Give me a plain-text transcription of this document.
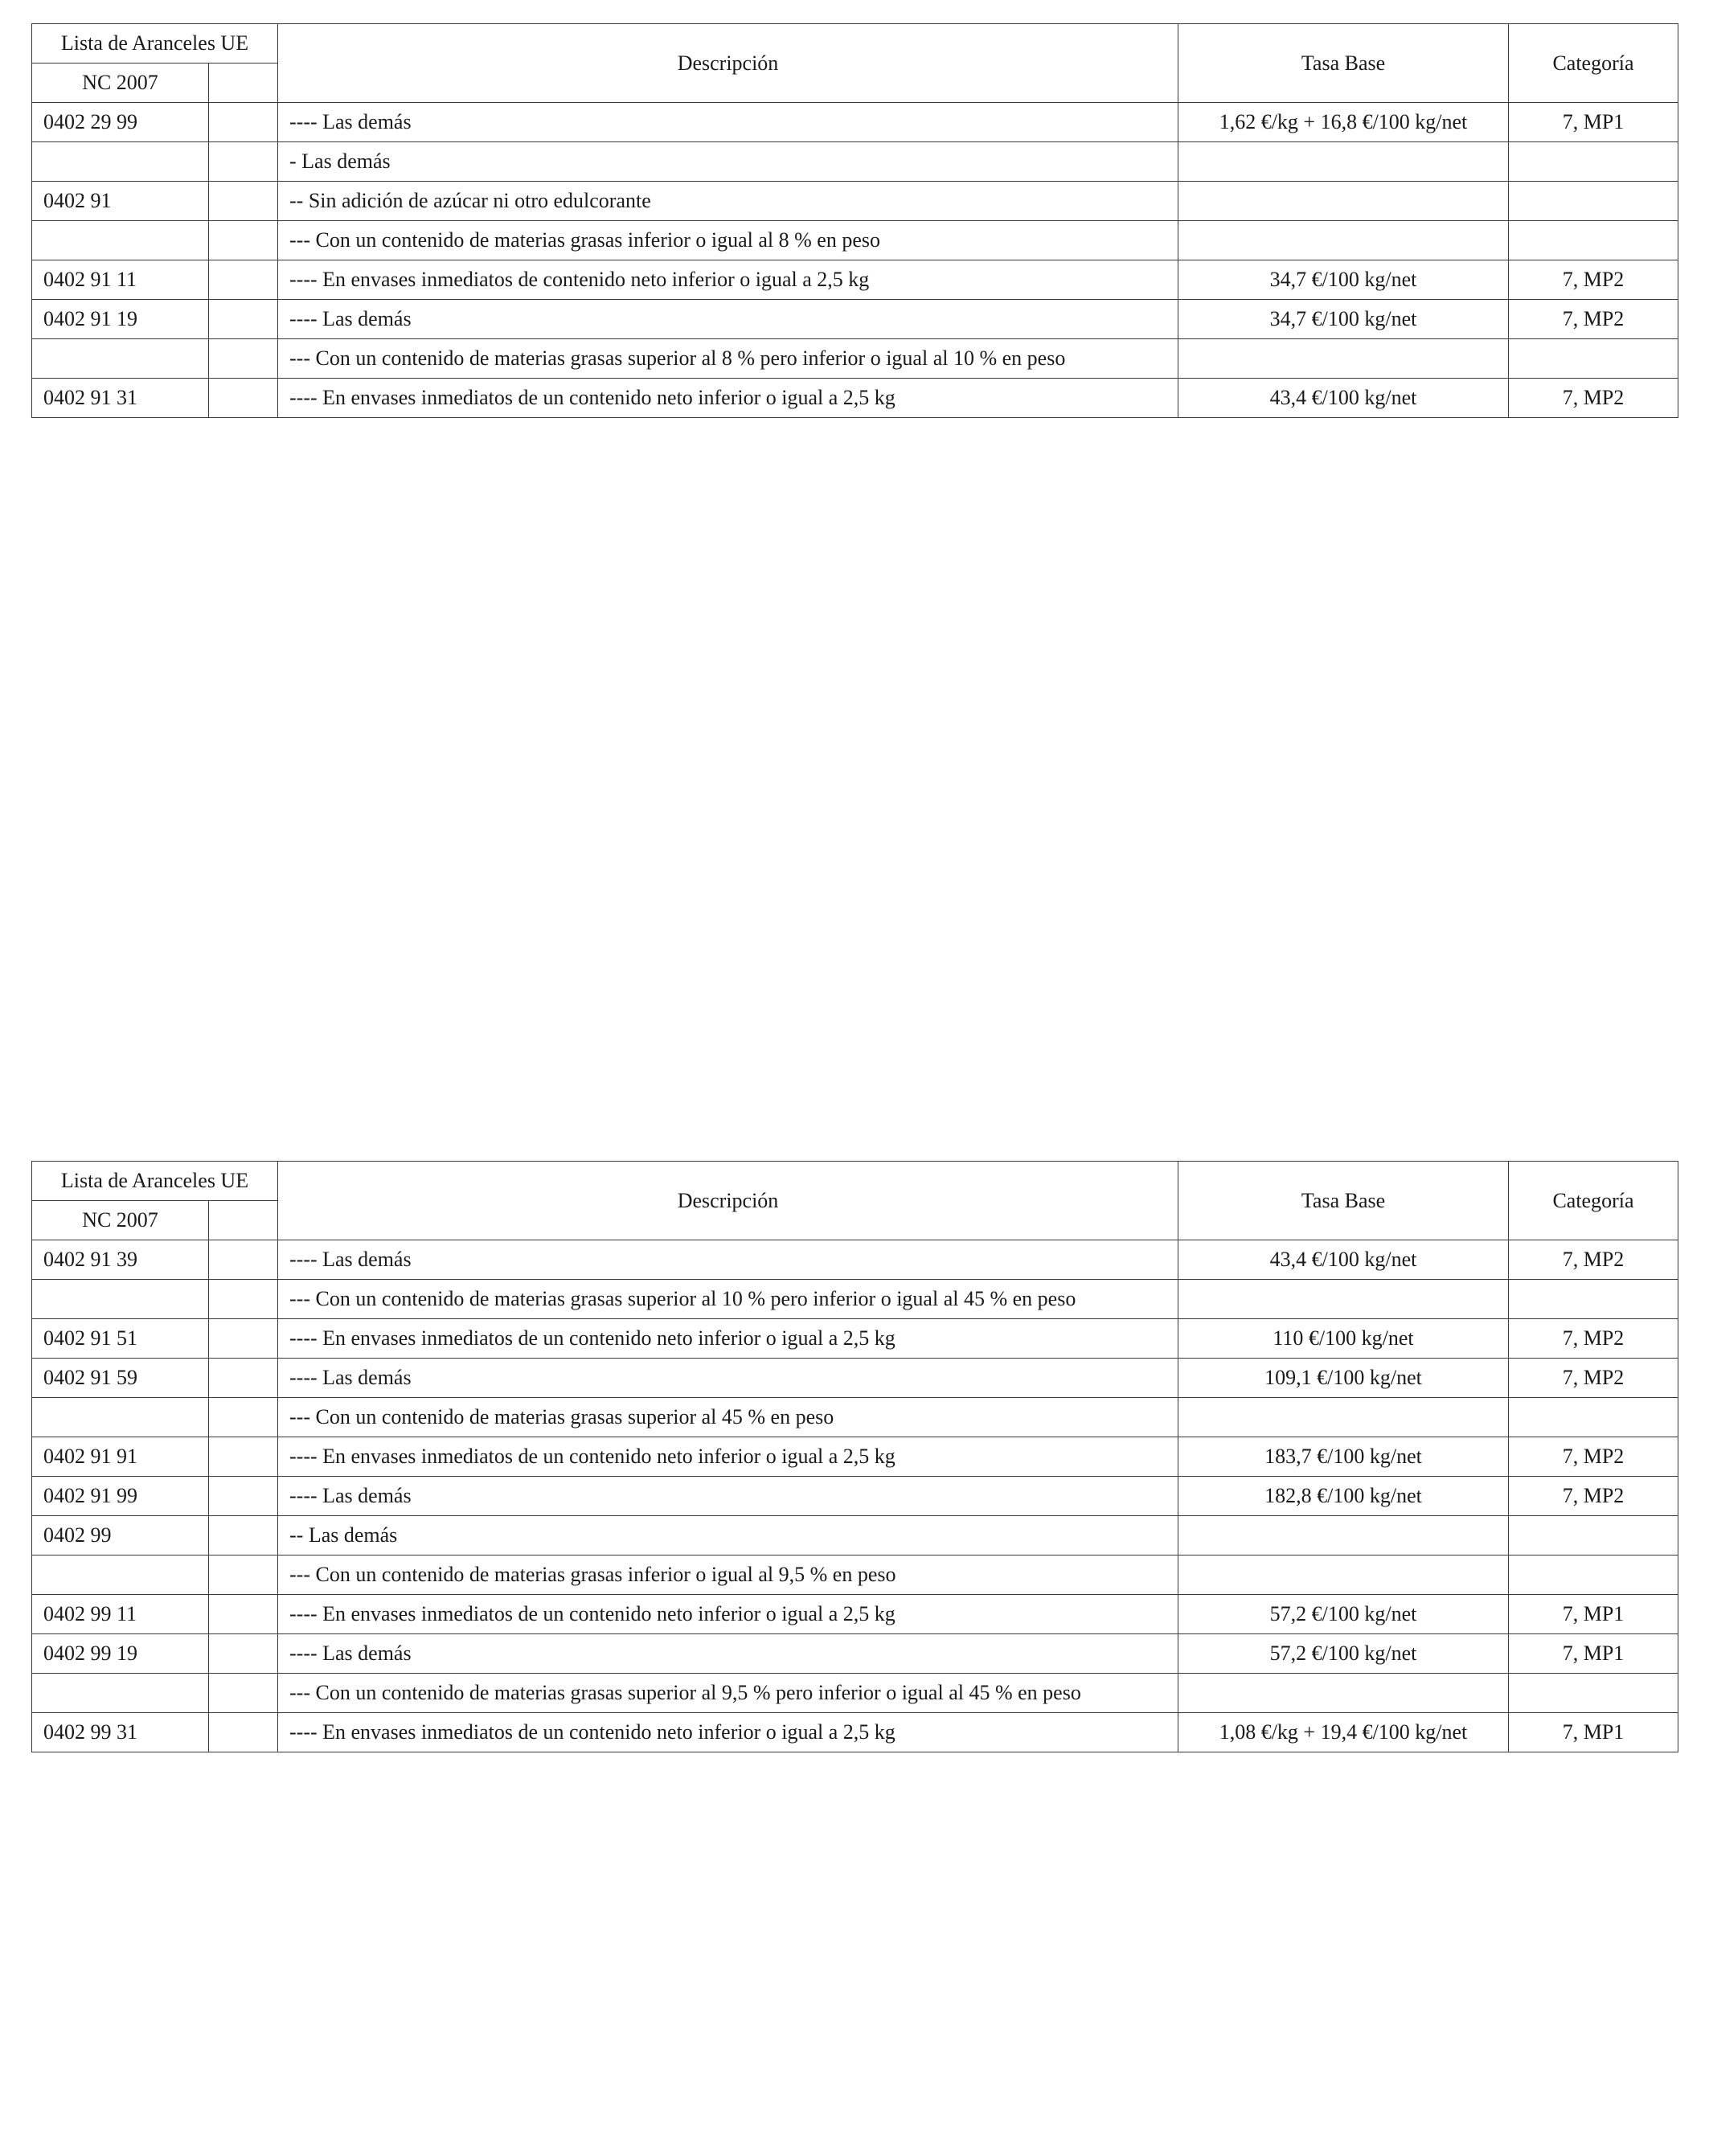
Lista de Aranceles UE		Descripción	Tasa Base	Categoría
NC 2007				
0402 29 99		---- Las demás	1,62 €/kg + 16,8 €/100 kg/net	7, MP1
		- Las demás		
0402 91		-- Sin adición de azúcar ni otro edulcorante		
		--- Con un contenido de materias grasas inferior o igual al 8 % en peso		
0402 91 11		---- En envases inmediatos de contenido neto inferior o igual a 2,5 kg	34,7 €/100 kg/net	7, MP2
0402 91 19		---- Las demás	34,7 €/100 kg/net	7, MP2
		--- Con un contenido de materias grasas superior al 8 % pero inferior o igual al 10 % en peso		
0402 91 31		---- En envases inmediatos de un contenido neto inferior o igual a 2,5 kg	43,4 €/100 kg/net	7, MP2
Lista de Aranceles UE		Descripción	Tasa Base	Categoría
NC 2007				
0402 91 39		---- Las demás	43,4 €/100 kg/net	7, MP2
		--- Con un contenido de materias grasas superior al 10 % pero inferior o igual al 45 % en peso		
0402 91 51		---- En envases inmediatos de un contenido neto inferior o igual a 2,5 kg	110 €/100 kg/net	7, MP2
0402 91 59		---- Las demás	109,1 €/100 kg/net	7, MP2
		--- Con un contenido de materias grasas superior al 45 % en peso		
0402 91 91		---- En envases inmediatos de un contenido neto inferior o igual a 2,5 kg	183,7 €/100 kg/net	7, MP2
0402 91 99		---- Las demás	182,8 €/100 kg/net	7, MP2
0402 99		-- Las demás		
		--- Con un contenido de materias grasas inferior o igual al 9,5 % en peso		
0402 99 11		---- En envases inmediatos de un contenido neto inferior o igual a 2,5 kg	57,2 €/100 kg/net	7, MP1
0402 99 19		---- Las demás	57,2 €/100 kg/net	7, MP1
		--- Con un contenido de materias grasas superior al 9,5 % pero inferior o igual al 45 % en peso		
0402 99 31		---- En envases inmediatos de un contenido neto inferior o igual a 2,5 kg	1,08 €/kg + 19,4 €/100 kg/net	7, MP1
